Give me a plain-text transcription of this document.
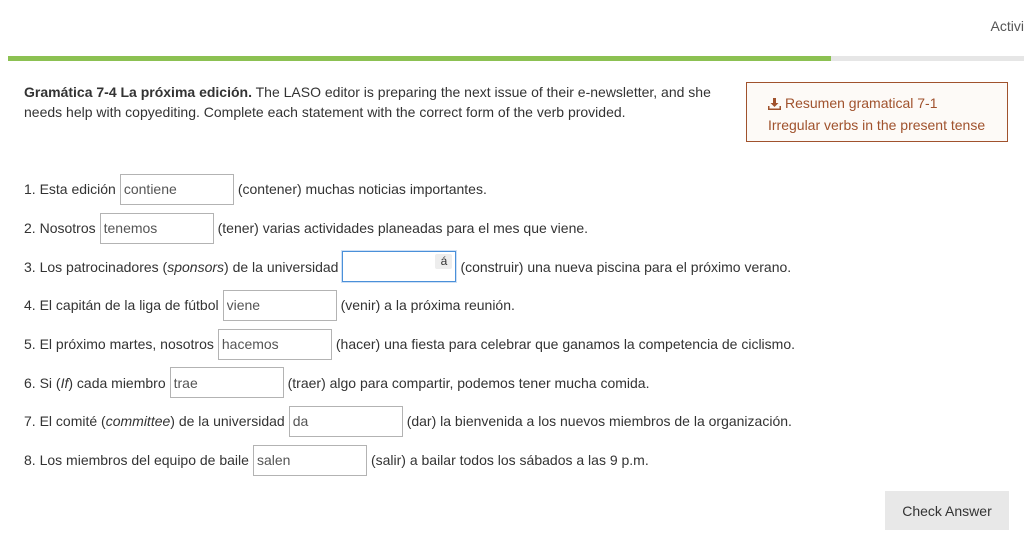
Activi
Gramática 7-4 La próxima edición. The LASO editor is preparing the next issue of their e-newsletter, and she needs help with copyediting. Complete each statement with the correct form of the verb provided.
Resumen gramatical 7-1
Irregular verbs in the present tense
1.
Esta edición
contiene	(contener) muchas noticias importantes.
2.
Nosotros
tenemos	(tener) varias actividades planeadas para el mes que viene.
3.
Los patrocinadores (sponsors) de la universidad	á (construir) una nueva piscina para el próximo verano.
4.
El capitán de la liga de fútbol
viene	(venir) a la próxima reunión.
5.
El próximo martes, nosotros
hacemos	(hacer) una fiesta para celebrar que ganamos la competencia de ciclismo.
6.
Si (If) cada miembro
trae	(traer) algo para compartir, podemos tener mucha comida.
7.
El comité (committee) de la universidad
da	(dar) la bienvenida a los nuevos miembros de la organización.
8.
Los miembros del equipo de baile
salen	(salir) a bailar todos los sábados a las 9 p.m.
Check Answer
